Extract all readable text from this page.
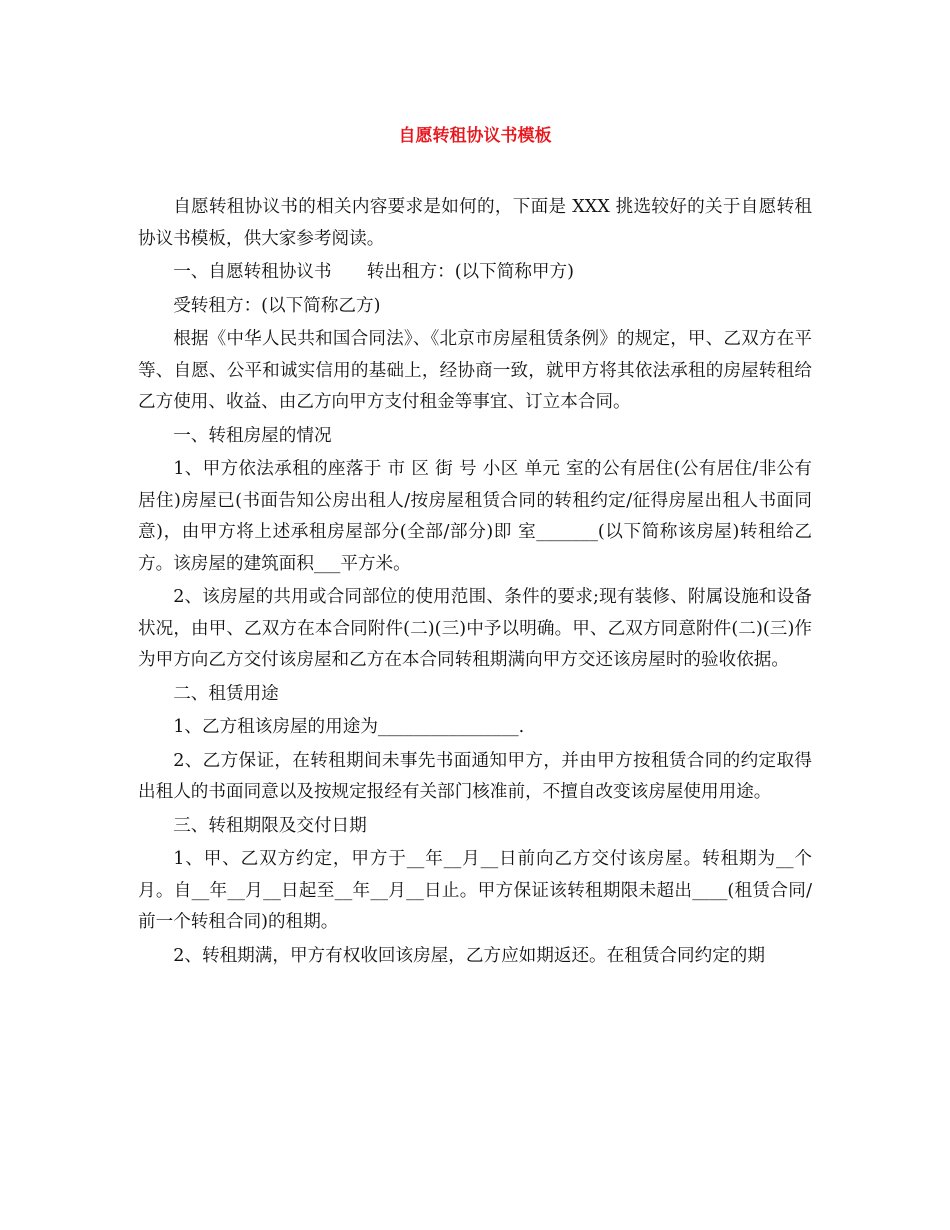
自愿转租协议书模板

自愿转租协议书的相关内容要求是如何的，下面是 XXX 挑选较好的关于自愿转租协议书模板，供大家参考阅读。

一、自愿转租协议书　　转出租方：(以下简称甲方)

受转租方：(以下简称乙方)

根据《中华人民共和国合同法》、《北京市房屋租赁条例》的规定，甲、乙双方在平等、自愿、公平和诚实信用的基础上，经协商一致，就甲方将其依法承租的房屋转租给乙方使用、收益、由乙方向甲方支付租金等事宜、订立本合同。

一、转租房屋的情况

1、甲方依法承租的座落于 市 区 街 号 小区 单元 室的公有居住(公有居住/非公有居住)房屋已(书面告知公房出租人/按房屋租赁合同的转租约定/征得房屋出租人书面同意)，由甲方将上述承租房屋部分(全部/部分)即 室_______(以下简称该房屋)转租给乙方。该房屋的建筑面积___平方米。

2、该房屋的共用或合同部位的使用范围、条件的要求;现有装修、附属设施和设备状况，由甲、乙双方在本合同附件(二)(三)中予以明确。甲、乙双方同意附件(二)(三)作为甲方向乙方交付该房屋和乙方在本合同转租期满向甲方交还该房屋时的验收依据。

二、租赁用途

1、乙方租该房屋的用途为________________.

2、乙方保证，在转租期间未事先书面通知甲方，并由甲方按租赁合同的约定取得出租人的书面同意以及按规定报经有关部门核准前，不擅自改变该房屋使用用途。

三、转租期限及交付日期

1、甲、乙双方约定，甲方于__年__月__日前向乙方交付该房屋。转租期为__个月。自__年__月__日起至__年__月__日止。甲方保证该转租期限未超出____(租赁合同/前一个转租合同)的租期。

2、转租期满，甲方有权收回该房屋，乙方应如期返还。在租赁合同约定的期
